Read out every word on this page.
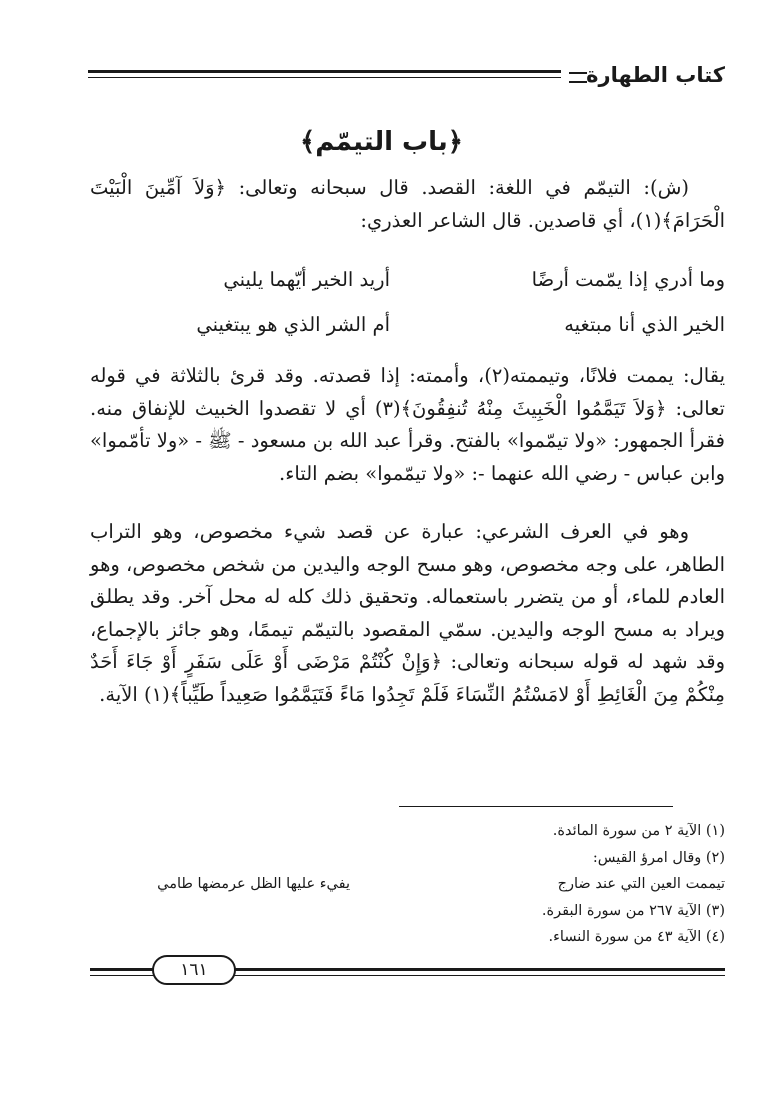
كتاب الطهارة
﴿باب التيمّم﴾
(ش): التيمّم في اللغة: القصد. قال سبحانه وتعالى: ﴿وَلاَ آمِّينَ الْبَيْتَ الْحَرَامَ﴾(١)، أي قاصدين. قال الشاعر العذري:
وما أدري إذا يمّمت أرضًا
أريد الخير أيّهما يليني
الخير الذي أنا مبتغيه
أم الشر الذي هو يبتغيني
يقال: يممت فلانًا، وتيممته(٢)، وأممته: إذا قصدته. وقد قرئ بالثلاثة في قوله تعالى: ﴿وَلاَ تَيَمَّمُوا الْخَبِيثَ مِنْهُ تُنفِقُونَ﴾(٣) أي لا تقصدوا الخبيث للإنفاق منه. فقرأ الجمهور: «ولا تيمّموا» بالفتح. وقرأ عبد الله بن مسعود - ﷺ - «ولا تأمّموا» وابن عباس - رضي الله عنهما -: «ولا تيمّموا» بضم التاء.
وهو في العرف الشرعي: عبارة عن قصد شيء مخصوص، وهو التراب الطاهر، على وجه مخصوص، وهو مسح الوجه واليدين من شخص مخصوص، وهو العادم للماء، أو من يتضرر باستعماله. وتحقيق ذلك كله له محل آخر. وقد يطلق ويراد به مسح الوجه واليدين. سمّي المقصود بالتيمّم تيممًا، وهو جائز بالإجماع، وقد شهد له قوله سبحانه وتعالى: ﴿وَإِنْ كُنْتُمْ مَرْضَى أَوْ عَلَى سَفَرٍ أَوْ جَاءَ أَحَدٌ مِنْكُمْ مِنَ الْغَائِطِ أَوْ لامَسْتُمُ النِّسَاءَ فَلَمْ تَجِدُوا مَاءً فَتَيَمَّمُوا صَعِيداً طَيِّباً﴾(١) الآية.
(١) الآية ٢ من سورة المائدة.
(٢) وقال امرؤ القيس:
تيممت العين التي عند ضارج
يفيء عليها الظل عرمضها طامي
(٣) الآية ٢٦٧ من سورة البقرة.
(٤) الآية ٤٣ من سورة النساء.
١٦١
